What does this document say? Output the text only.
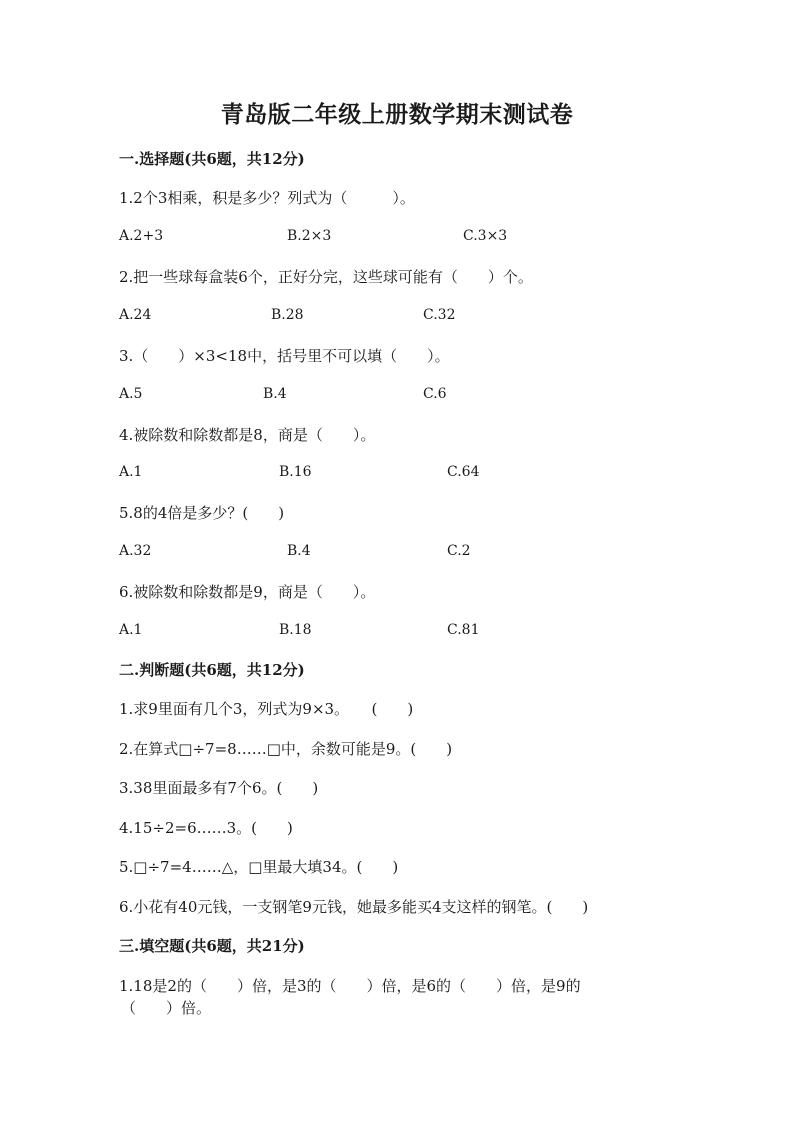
青岛版二年级上册数学期末测试卷
一.选择题(共6题，共12分)
1.2个3相乘，积是多少？列式为（　　　）。
A.2+3	B.2×3	C.3×3
2.把一些球每盒装6个，正好分完，这些球可能有（　　）个。
A.24	B.28	C.32
3.（　　）×3<18中，括号里不可以填（　　）。
A.5	B.4	C.6
4.被除数和除数都是8，商是（　　）。
A.1	B.16	C.64
5.8的4倍是多少？(　　)
A.32	B.4	C.2
6.被除数和除数都是9，商是（　　）。
A.1	B.18	C.81
二.判断题(共6题，共12分)
1.求9里面有几个3，列式为9×3。　　(　　)
2.在算式□÷7=8……□中，余数可能是9。(　　)
3.38里面最多有7个6。(　　)
4.15÷2=6……3。(　　)
5.□÷7=4……△，□里最大填34。(　　)
6.小花有40元钱，一支钢笔9元钱，她最多能买4支这样的钢笔。(　　)
三.填空题(共6题，共21分)
1.18是2的（　　）倍，是3的（　　）倍，是6的（　　）倍，是9的
（　　）倍。
